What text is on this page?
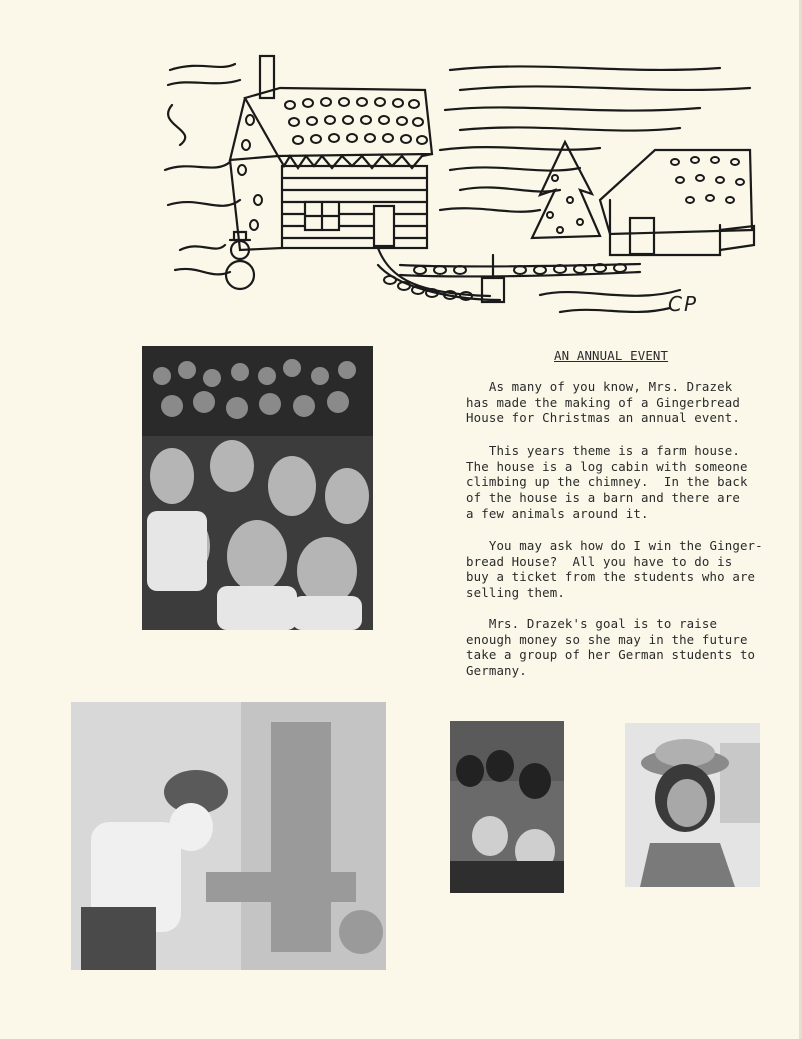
CP

AN ANNUAL EVENT

As many of you know, Mrs. Drazek
has made the making of a Gingerbread
House for Christmas an annual event.

This years theme is a farm house.
The house is a log cabin with someone
climbing up the chimney.  In the back
of the house is a barn and there are
a few animals around it.

You may ask how do I win the Ginger-
bread House?  All you have to do is
buy a ticket from the students who are
selling them.

Mrs. Drazek's goal is to raise
enough money so she may in the future
take a group of her German students to
Germany.
